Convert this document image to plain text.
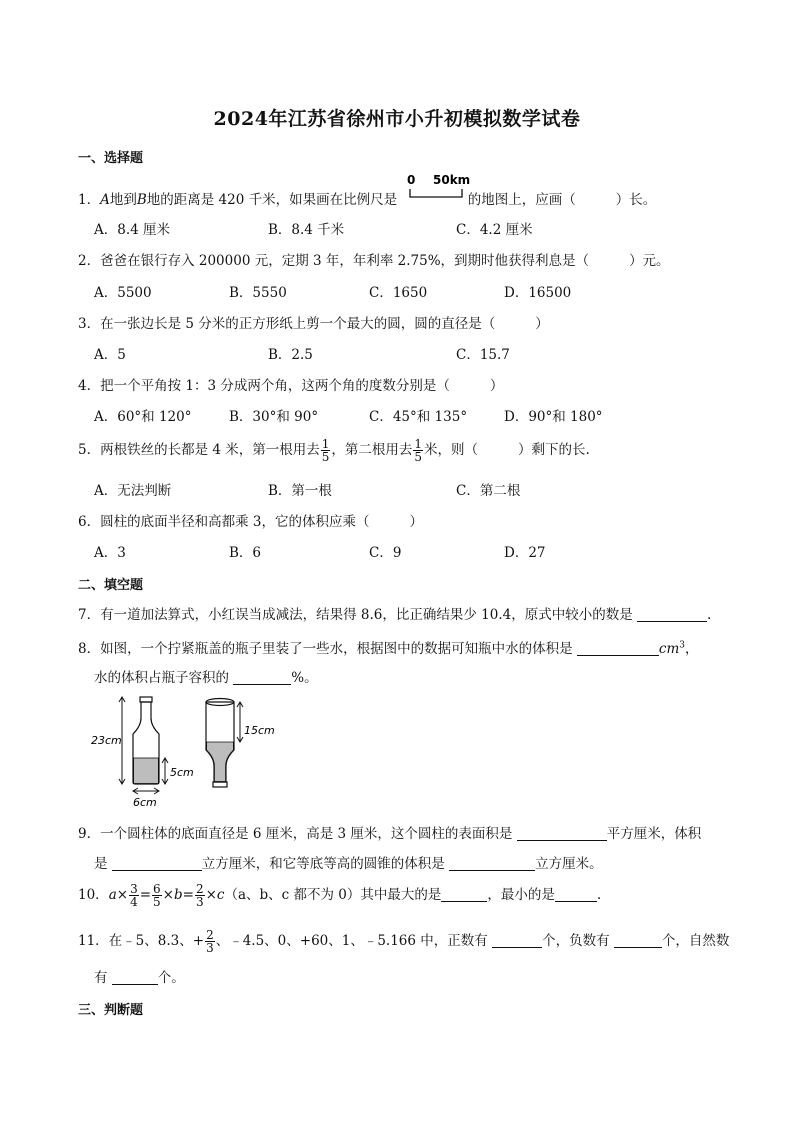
2024年江苏省徐州市小升初模拟数学试卷
一、选择题
1．A地到B地的距离是 420 千米，如果画在比例尺是	的地图上，应画（	）长。
0 50km
A．8.4 厘米	B．8.4 千米	C．4.2 厘米
2．爸爸在银行存入 200000 元，定期 3 年，年利率 2.75%，到期时他获得利息是（	）元。
A．5500	B．5550	C．1650	D．16500
3．在一张边长是 5 分米的正方形纸上剪一个最大的圆，圆的直径是（	）
A．5	B．2.5	C．15.7
4．把一个平角按 1：3 分成两个角，这两个角的度数分别是（	）
A．60°和 120°	B．30°和 90°	C．45°和 135°	D．90°和 180°
5．两根铁丝的长都是 4 米，第一根用去 $\frac{1}{5}$ ，第二根用去 $\frac{1}{5}$ 米，则（	）剩下的长.
A．无法判断	B．第一根	C．第二根
6．圆柱的底面半径和高都乘 3，它的体积应乘（	）
A．3	B．6	C．9	D．27
二、填空题
7．有一道加法算式，小红误当成减法，结果得 8.6，比正确结果少 10.4，原式中较小的数是	.
8．如图，一个拧紧瓶盖的瓶子里装了一些水，根据图中的数据可知瓶中水的体积是	$cm^3$，
水的体积占瓶子容积的	%。
23cm
5cm
6cm
15cm
9．一个圆柱体的底面直径是 6 厘米，高是 3 厘米，这个圆柱的表面积是	平方厘米，体积
是	立方厘米，和它等底等高的圆锥的体积是	立方厘米。
10．$a\times \frac{3}{4} = \frac{6}{5} \times b= \frac{2}{3} \times c(a$、b、c 都不为 0）其中最大的是	，最小的是	.
11．在﹣5、8.3、+ $\frac{2}{3}$ 、﹣4.5、0、+60、1、﹣5.166 中，正数有	个，负数有	个，自然数
有	个。
三、判断题
